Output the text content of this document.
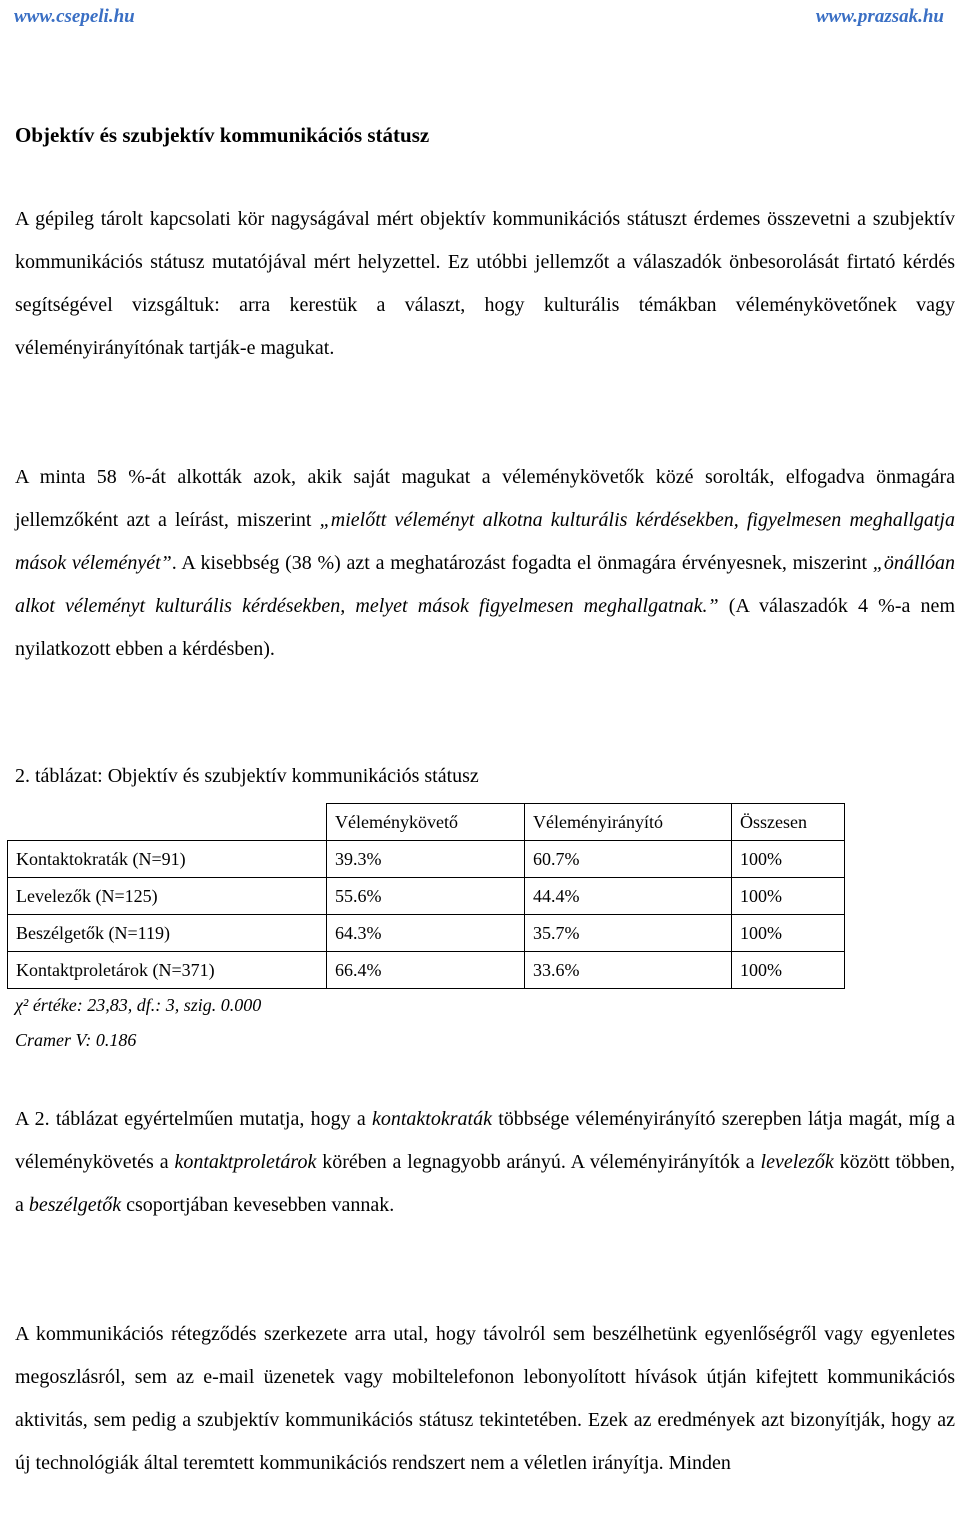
www.csepeli.hu	www.prazsak.hu
Objektív és szubjektív kommunikációs státusz

A gépileg tárolt kapcsolati kör nagyságával mért objektív kommunikációs státuszt érdemes összevetni a szubjektív kommunikációs státusz mutatójával mért helyzettel. Ez utóbbi jellemzőt a válaszadók önbesorolását firtató kérdés segítségével vizsgáltuk: arra kerestük a választ, hogy kulturális témákban véleménykövetőnek vagy véleményirányítónak tartják-e magukat.

A minta 58 %-át alkották azok, akik saját magukat a véleménykövetők közé sorolták, elfogadva önmagára jellemzőként azt a leírást, miszerint „mielőtt véleményt alkotna kulturális kérdésekben, figyelmesen meghallgatja mások véleményét”. A kisebbség (38 %) azt a meghatározást fogadta el önmagára érvényesnek, miszerint „önállóan alkot véleményt kulturális kérdésekben, melyet mások figyelmesen meghallgatnak.” (A válaszadók 4 %-a nem nyilatkozott ebben a kérdésben).

2. táblázat: Objektív és szubjektív kommunikációs státusz
	Véleménykövető	Véleményirányító	Összesen
Kontaktokraták (N=91)	39.3%	60.7%	100%
Levelezők (N=125)	55.6%	44.4%	100%
Beszélgetők (N=119)	64.3%	35.7%	100%
Kontaktproletárok (N=371)	66.4%	33.6%	100%
χ² értéke: 23,83, df.: 3, szig. 0.000
Cramer V: 0.186

A 2. táblázat egyértelműen mutatja, hogy a kontaktokraták többsége véleményirányító szerepben látja magát, míg a véleménykövetés a kontaktproletárok körében a legnagyobb arányú. A véleményirányítók a levelezők között többen, a beszélgetők csoportjában kevesebben vannak.

A kommunikációs rétegződés szerkezete arra utal, hogy távolról sem beszélhetünk egyenlőségről vagy egyenletes megoszlásról, sem az e-mail üzenetek vagy mobiltelefonon lebonyolított hívások útján kifejtett kommunikációs aktivitás, sem pedig a szubjektív kommunikációs státusz tekintetében. Ezek az eredmények azt bizonyítják, hogy az új technológiák által teremtett kommunikációs rendszert nem a véletlen irányítja. Minden
